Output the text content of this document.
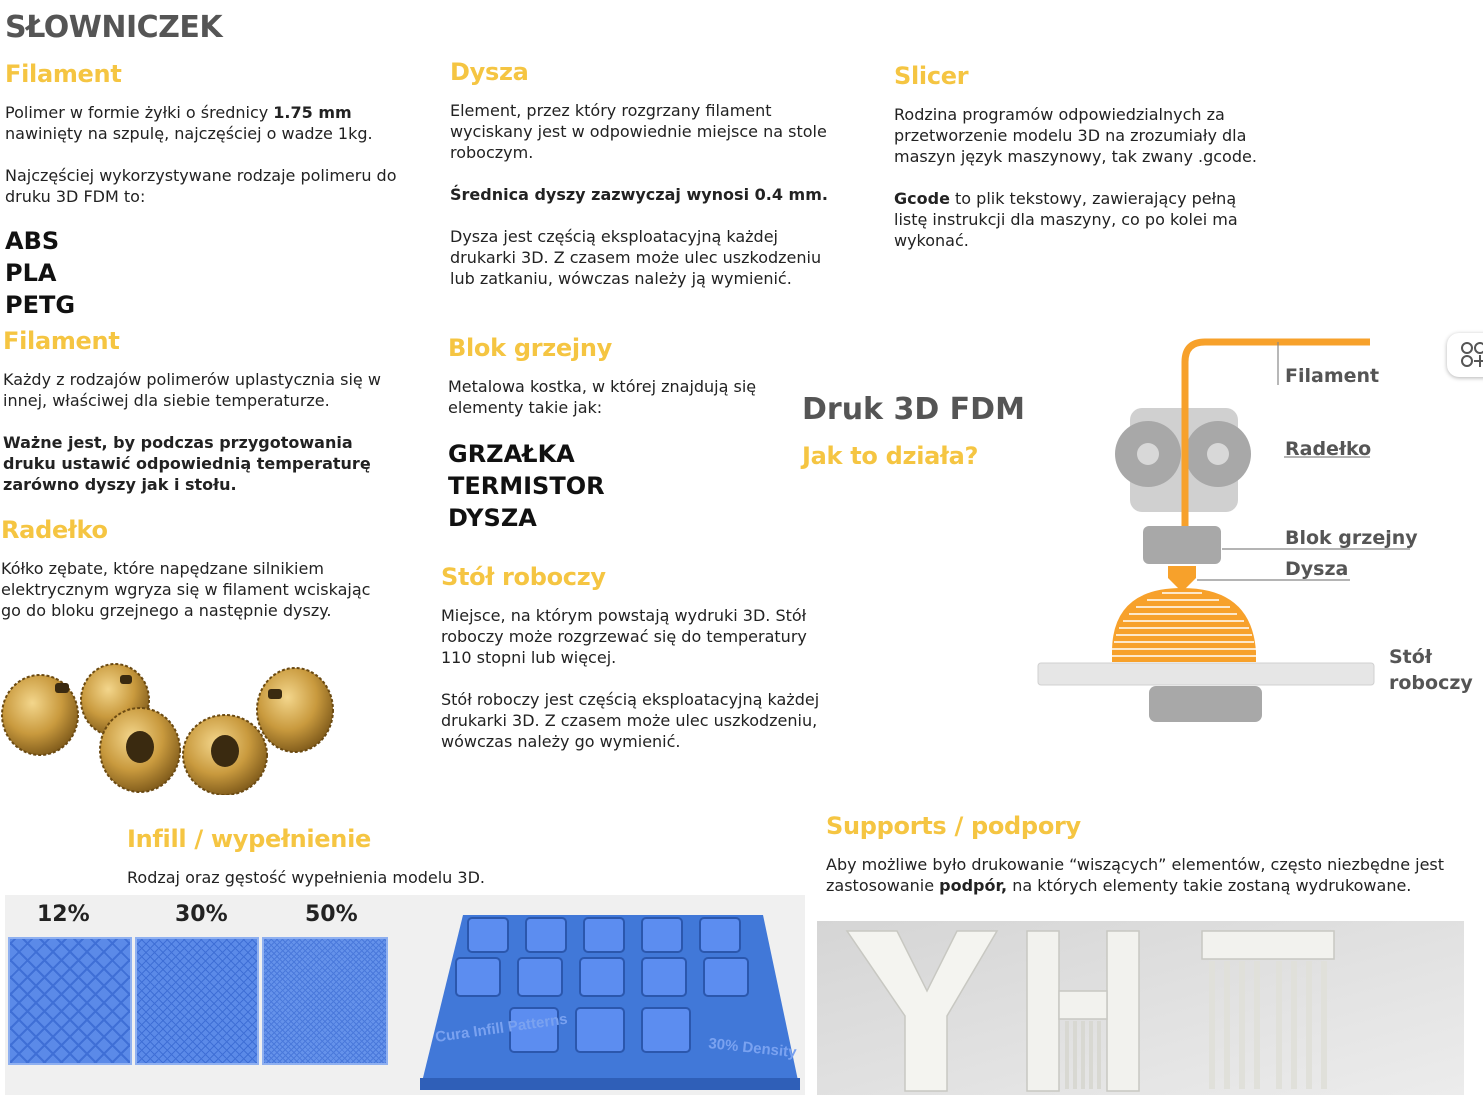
SŁOWNICZEK
Filament
Polimer w formie żyłki o średnicy 1.75 mm nawinięty na szpulę, najczęściej o wadze 1kg.
Najczęściej wykorzystywane rodzaje polimeru do druku 3D FDM to:
ABS
PLA
PETG
Filament
Każdy z rodzajów polimerów uplastycznia się w innej, właściwej dla siebie temperaturze.
Ważne jest, by podczas przygotowania druku ustawić odpowiednią temperaturę zarówno dyszy jak i stołu.
Radełko
Kółko zębate, które napędzane silnikiem elektrycznym wgryza się w filament wciskając go do bloku grzejnego a następnie dyszy.
Dysza
Element, przez który rozgrzany filament wyciskany jest w odpowiednie miejsce na stole roboczym.
Średnica dyszy zazwyczaj wynosi 0.4 mm.
Dysza jest częścią eksploatacyjną każdej drukarki 3D. Z czasem może ulec uszkodzeniu lub zatkaniu, wówczas należy ją wymienić.
Blok grzejny
Metalowa kostka, w której znajdują się elementy takie jak:
GRZAŁKA
TERMISTOR
DYSZA
Stół roboczy
Miejsce, na którym powstają wydruki 3D. Stół roboczy może rozgrzewać się do temperatury 110 stopni lub więcej.
Stół roboczy jest częścią eksploatacyjną każdej drukarki 3D. Z czasem może ulec uszkodzeniu, wówczas należy go wymienić.
Slicer
Rodzina programów odpowiedzialnych za przetworzenie modelu 3D na zrozumiały dla maszyn język maszynowy, tak zwany .gcode.
Gcode to plik tekstowy, zawierający pełną listę instrukcji dla maszyny, co po kolei ma wykonać.
Druk 3D FDM
Jak to działa?
Filament
Radełko
Blok grzejny
Dysza
Stół
roboczy
Infill / wypełnienie
Rodzaj oraz gęstość wypełnienia modelu 3D.
12%	30%	50%
Cura Infill Patterns
30% Density
Supports / podpory
Aby możliwe było drukowanie “wiszących” elementów, często niezbędne jest zastosowanie podpór, na których elementy takie zostaną wydrukowane.
